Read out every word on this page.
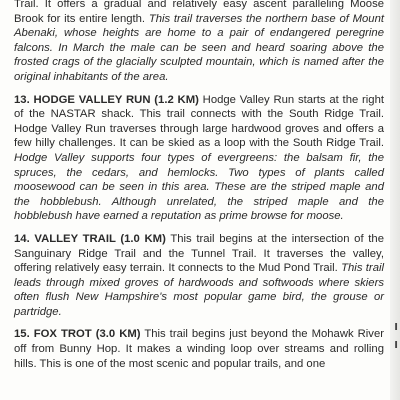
Trail. It offers a gradual and relatively easy ascent paralleling Moose Brook for its entire length. This trail traverses the northern base of Mount Abenaki, whose heights are home to a pair of endangered peregrine falcons. In March the male can be seen and heard soaring above the frosted crags of the glacially sculpted mountain, which is named after the original inhabitants of the area.

13. HODGE VALLEY RUN (1.2 KM) Hodge Valley Run starts at the right of the NASTAR shack. This trail connects with the South Ridge Trail. Hodge Valley Run traverses through large hardwood groves and offers a few hilly challenges. It can be skied as a loop with the South Ridge Trail. Hodge Valley supports four types of evergreens: the balsam fir, the spruces, the cedars, and hemlocks. Two types of plants called moosewood can be seen in this area. These are the striped maple and the hobblebush. Although unrelated, the striped maple and the hobblebush have earned a reputation as prime browse for moose.

14. VALLEY TRAIL (1.0 KM) This trail begins at the intersection of the Sanguinary Ridge Trail and the Tunnel Trail. It traverses the valley, offering relatively easy terrain. It connects to the Mud Pond Trail. This trail leads through mixed groves of hardwoods and softwoods where skiers often flush New Hampshire's most popular game bird, the grouse or partridge.

15. FOX TROT (3.0 KM) This trail begins just beyond the Mohawk River off from Bunny Hop. It makes a winding loop over streams and rolling hills. This is one of the most scenic and popular trails, and one

I
I
